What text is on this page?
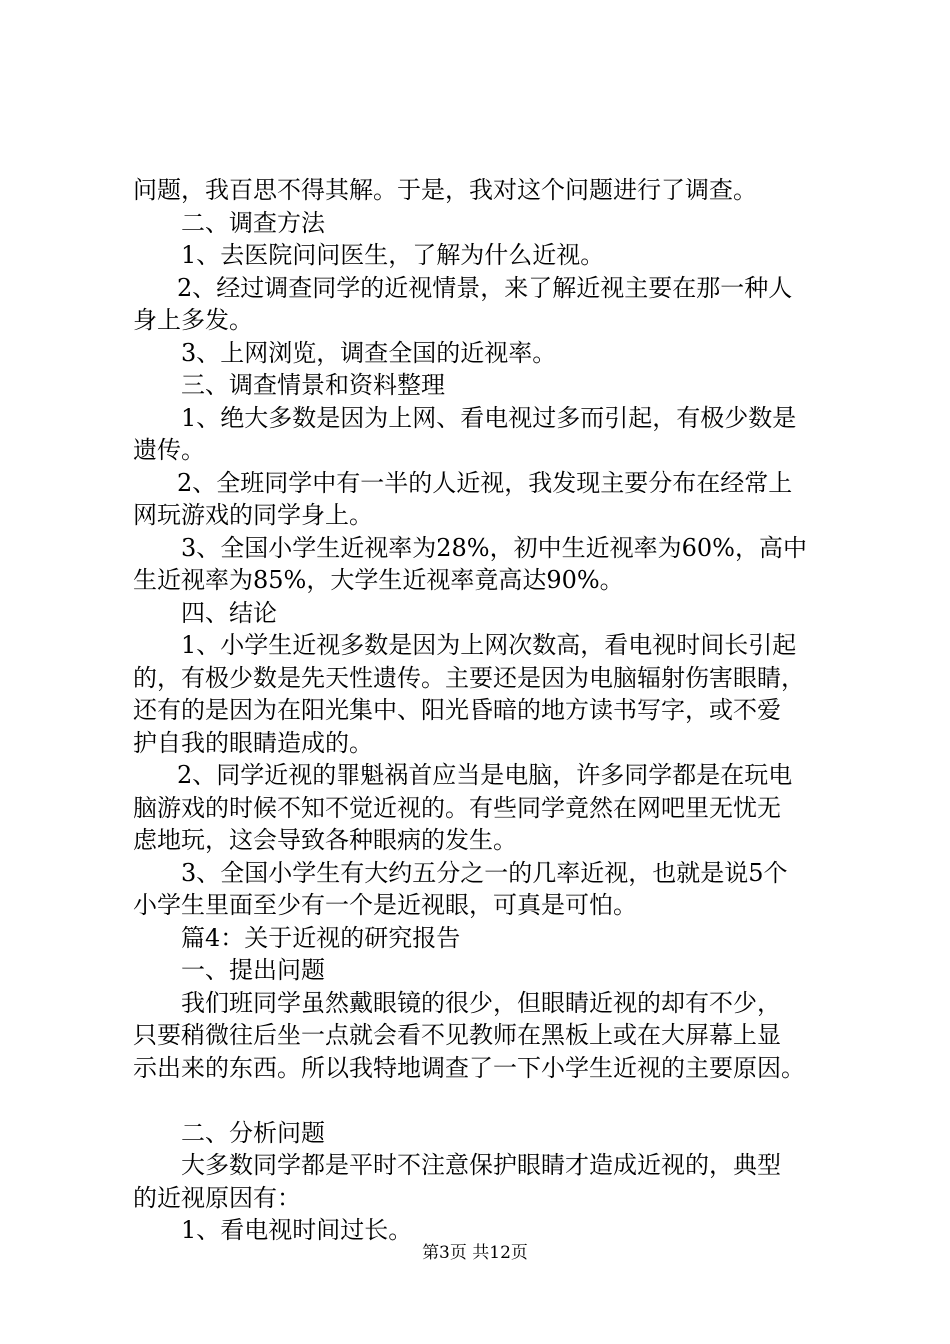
问题，我百思不得其解。于是，我对这个问题进行了调查。
二、调查方法
1、去医院问问医生，了解为什么近视。
2、经过调查同学的近视情景，来了解近视主要在那一种人
身上多发。
3、上网浏览，调查全国的近视率。
三、调查情景和资料整理
1、绝大多数是因为上网、看电视过多而引起，有极少数是
遗传。
2、全班同学中有一半的人近视，我发现主要分布在经常上
网玩游戏的同学身上。
3、全国小学生近视率为28%，初中生近视率为60%，高中
生近视率为85%，大学生近视率竟高达90%。
四、结论
1、小学生近视多数是因为上网次数高，看电视时间长引起
的，有极少数是先天性遗传。主要还是因为电脑辐射伤害眼睛，
还有的是因为在阳光集中、阳光昏暗的地方读书写字，或不爱
护自我的眼睛造成的。
2、同学近视的罪魁祸首应当是电脑，许多同学都是在玩电
脑游戏的时候不知不觉近视的。有些同学竟然在网吧里无忧无
虑地玩，这会导致各种眼病的发生。
3、全国小学生有大约五分之一的几率近视，也就是说5个
小学生里面至少有一个是近视眼，可真是可怕。
篇4：关于近视的研究报告
一、提出问题
我们班同学虽然戴眼镜的很少，但眼睛近视的却有不少，
只要稍微往后坐一点就会看不见教师在黑板上或在大屏幕上显
示出来的东西。所以我特地调查了一下小学生近视的主要原因。
二、分析问题
大多数同学都是平时不注意保护眼睛才造成近视的，典型
的近视原因有：
1、看电视时间过长。
第3页 共12页
